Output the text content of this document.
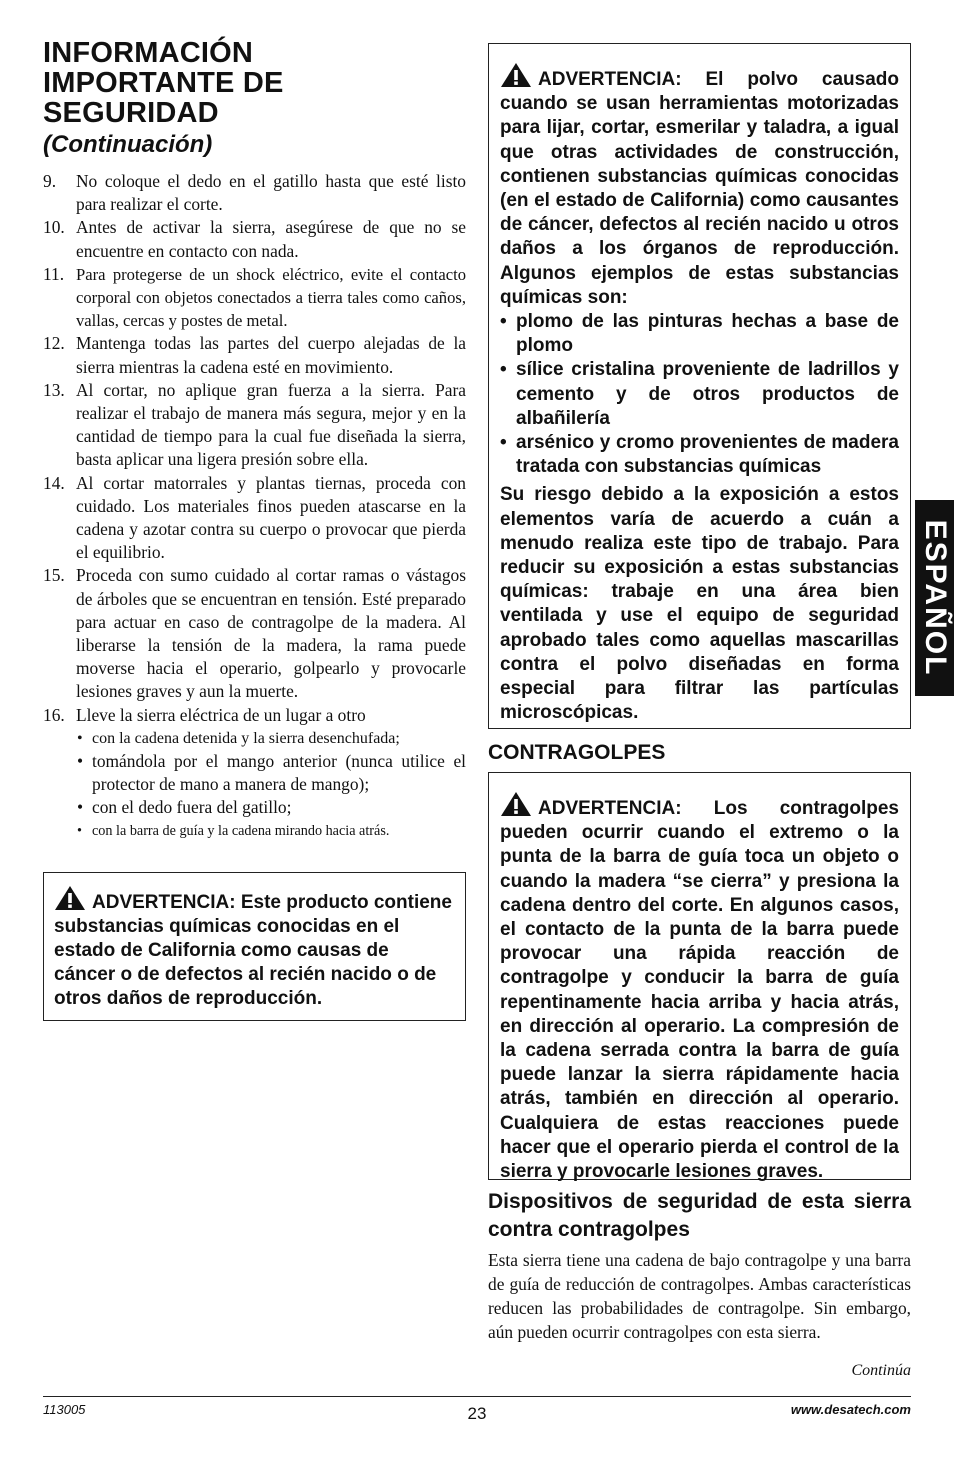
INFORMACIÓN
IMPORTANTE DE
SEGURIDAD
(Continuación)
9. No coloque el dedo en el gatillo hasta que esté listo para realizar el corte.
10. Antes de activar la sierra, asegúrese de que no se encuentre en contacto con nada.
11. Para protegerse de un shock eléctrico, evite el contacto corporal con objetos conectados a tierra tales como caños, vallas, cercas y postes de metal.
12. Mantenga todas las partes del cuerpo alejadas de la sierra mientras la cadena esté en movimiento.
13. Al cortar, no aplique gran fuerza a la sierra. Para realizar el trabajo de manera más segura, mejor y en la cantidad de tiempo para la cual fue diseñada la sierra, basta aplicar una ligera presión sobre ella.
14. Al cortar matorrales y plantas tiernas, proceda con cuidado. Los materiales finos pueden atascarse en la cadena y azotar contra su cuerpo o provocar que pierda el equilibrio.
15. Proceda con sumo cuidado al cortar ramas o vástagos de árboles que se encuentran en tensión. Esté preparado para actuar en caso de contragolpe de la madera. Al liberarse la tensión de la madera, la rama puede moverse hacia el operario, golpearlo y provocarle lesiones graves y aun la muerte.
16. Lleve la sierra eléctrica de un lugar a otro
• con la cadena detenida y la sierra desenchufada;
• tomándola por el mango anterior (nunca utilice el protector de mano a manera de mango);
• con el dedo fuera del gatillo;
• con la barra de guía y la cadena mirando hacia atrás.
ADVERTENCIA: Este producto contiene substancias químicas conocidas en el estado de California como causas de cáncer o de defectos al recién nacido o de otros daños de reproducción.
ADVERTENCIA: El polvo causado cuando se usan herramientas motorizadas para lijar, cortar, esmerilar y taladra, a igual que otras actividades de construcción, contienen substancias químicas conocidas (en el estado de California) como causantes de cáncer, defectos al recién nacido u otros daños a los órganos de reproducción. Algunos ejemplos de estas substancias químicas son:
• plomo de las pinturas hechas a base de plomo
• sílice cristalina proveniente de ladrillos y cemento y de otros productos de albañilería
• arsénico y cromo provenientes de madera tratada con substancias químicas
Su riesgo debido a la exposición a estos elementos varía de acuerdo a cuán a menudo realiza este tipo de trabajo. Para reducir su exposición a estas substancias químicas: trabaje en una área bien ventilada y use el equipo de seguridad aprobado tales como aquellas mascarillas contra el polvo diseñadas en forma especial para filtrar las partículas microscópicas.
CONTRAGOLPES
ADVERTENCIA: Los contragolpes pueden ocurrir cuando el extremo o la punta de la barra de guía toca un objeto o cuando la madera “se cierra” y presiona la cadena dentro del corte. En algunos casos, el contacto de la punta de la barra puede provocar una rápida reacción de contragolpe y conducir la barra de guía repentinamente hacia arriba y hacia atrás, en dirección al operario. La compresión de la cadena serrada contra la barra de guía puede lanzar la sierra rápidamente hacia atrás, también en dirección al operario. Cualquiera de estas reacciones puede hacer que el operario pierda el control de la sierra y provocarle lesiones graves.
Dispositivos de seguridad de esta sierra contra contragolpes

Esta sierra tiene una cadena de bajo contragolpe y una barra de guía de reducción de contragolpes. Ambas características reducen las probabilidades de contragolpe. Sin embargo, aún pueden ocurrir contragolpes con esta sierra.

Continúa
ESPAÑOL
113005	23	www.desatech.com
